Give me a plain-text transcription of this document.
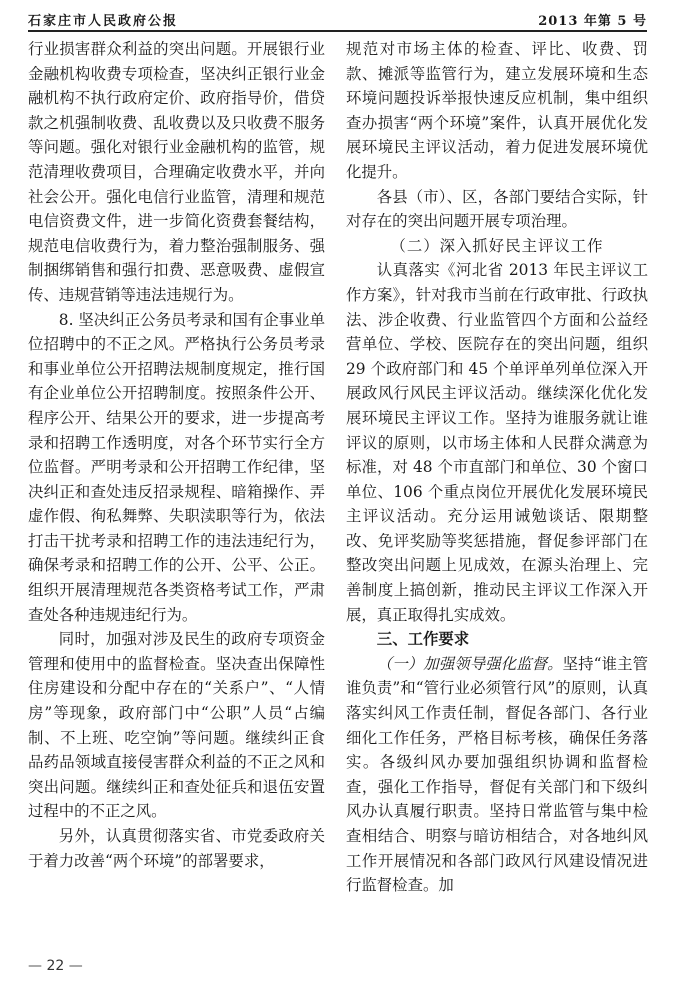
石家庄市人民政府公报	2013 年第 5 号

行业损害群众利益的突出问题。开展银行业金融机构收费专项检查，坚决纠正银行业金融机构不执行政府定价、政府指导价，借贷款之机强制收费、乱收费以及只收费不服务等问题。强化对银行业金融机构的监管，规范清理收费项目，合理确定收费水平，并向社会公开。强化电信行业监管，清理和规范电信资费文件，进一步简化资费套餐结构，规范电信收费行为，着力整治强制服务、强制捆绑销售和强行扣费、恶意吸费、虚假宣传、违规营销等违法违规行为。

8. 坚决纠正公务员考录和国有企事业单位招聘中的不正之风。严格执行公务员考录和事业单位公开招聘法规制度规定，推行国有企业单位公开招聘制度。按照条件公开、程序公开、结果公开的要求，进一步提高考录和招聘工作透明度，对各个环节实行全方位监督。严明考录和公开招聘工作纪律，坚决纠正和查处违反招录规程、暗箱操作、弄虚作假、徇私舞弊、失职渎职等行为，依法打击干扰考录和招聘工作的违法违纪行为，确保考录和招聘工作的公开、公平、公正。组织开展清理规范各类资格考试工作，严肃查处各种违规违纪行为。

同时，加强对涉及民生的政府专项资金管理和使用中的监督检查。坚决查出保障性住房建设和分配中存在的“关系户”、“人情房”等现象，政府部门中“公职”人员“占编制、不上班、吃空饷”等问题。继续纠正食品药品领域直接侵害群众利益的不正之风和突出问题。继续纠正和查处征兵和退伍安置过程中的不正之风。

另外，认真贯彻落实省、市党委政府关于着力改善“两个环境”的部署要求，

规范对市场主体的检查、评比、收费、罚款、摊派等监管行为，建立发展环境和生态环境问题投诉举报快速反应机制，集中组织查办损害“两个环境”案件，认真开展优化发展环境民主评议活动，着力促进发展环境优化提升。

各县（市）、区，各部门要结合实际，针对存在的突出问题开展专项治理。

（二）深入抓好民主评议工作

认真落实《河北省 2013 年民主评议工作方案》，针对我市当前在行政审批、行政执法、涉企收费、行业监管四个方面和公益经营单位、学校、医院存在的突出问题，组织 29 个政府部门和 45 个单评单列单位深入开展政风行风民主评议活动。继续深化优化发展环境民主评议工作。坚持为谁服务就让谁评议的原则，以市场主体和人民群众满意为标准，对 48 个市直部门和单位、30 个窗口单位、106 个重点岗位开展优化发展环境民主评议活动。充分运用诫勉谈话、限期整改、免评奖励等奖惩措施，督促参评部门在整改突出问题上见成效，在源头治理上、完善制度上搞创新，推动民主评议工作深入开展，真正取得扎实成效。

三、工作要求

（一）加强领导强化监督。坚持“谁主管谁负责”和“管行业必须管行风”的原则，认真落实纠风工作责任制，督促各部门、各行业细化工作任务，严格目标考核，确保任务落实。各级纠风办要加强组织协调和监督检查，强化工作指导，督促有关部门和下级纠风办认真履行职责。坚持日常监管与集中检查相结合、明察与暗访相结合，对各地纠风工作开展情况和各部门政风行风建设情况进行监督检查。加

— 22 —
